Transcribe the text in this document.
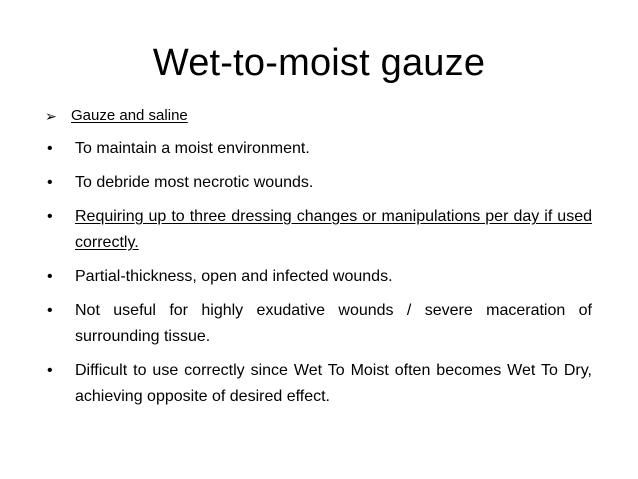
Wet-to-moist gauze
➢ Gauze and saline
• To maintain a moist environment.
• To debride most necrotic wounds.
• Requiring up to three dressing changes or manipulations per day if used correctly.
• Partial-thickness, open and infected wounds.
• Not useful for highly exudative wounds / severe maceration of surrounding tissue.
• Difficult to use correctly since Wet To Moist often becomes Wet To Dry, achieving opposite of desired effect.
